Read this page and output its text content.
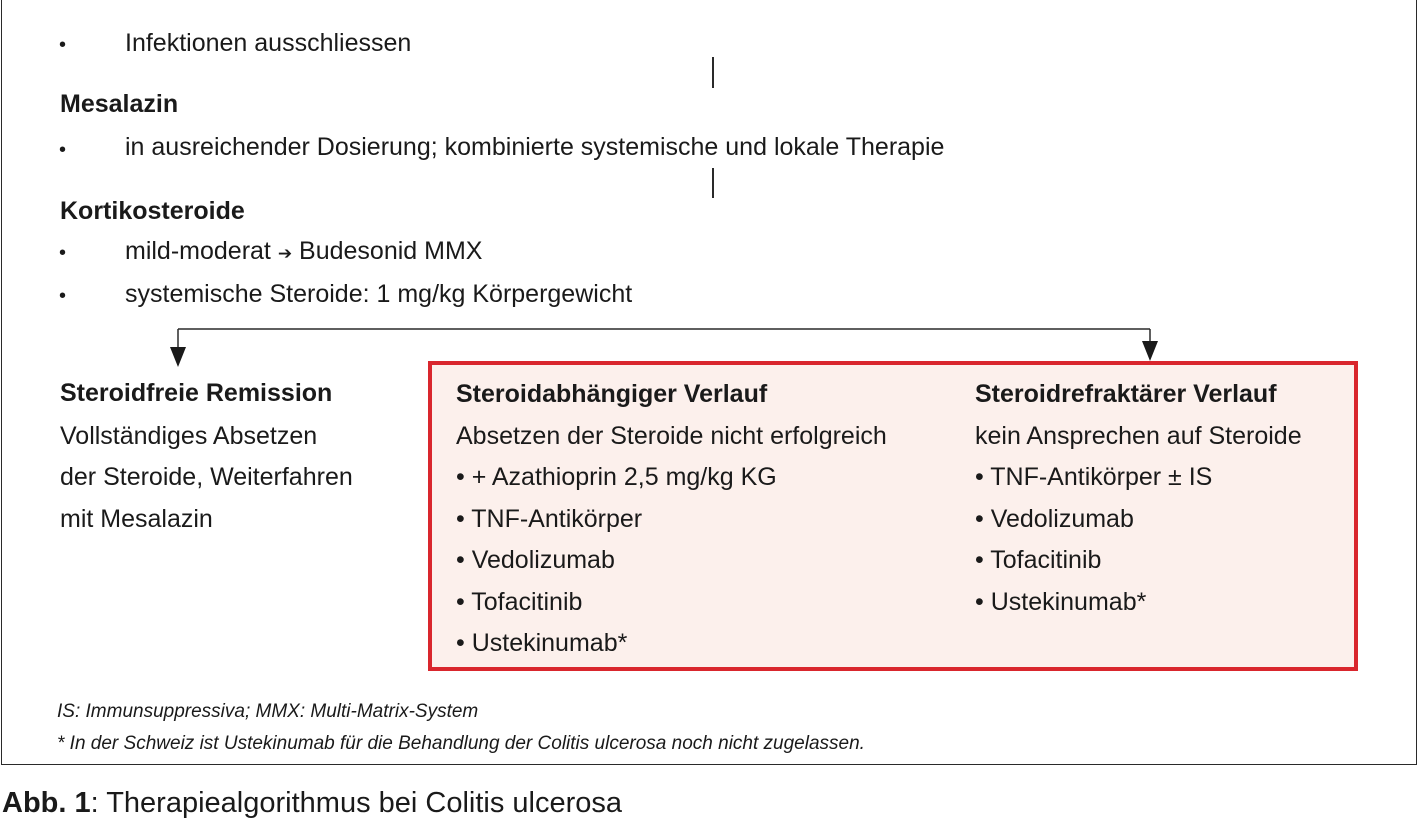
• Infektionen ausschliessen
Mesalazin
• in ausreichender Dosierung; kombinierte systemische und lokale Therapie
Kortikosteroide
• mild-moderat ➔ Budesonid MMX
• systemische Steroide: 1 mg/kg Körpergewicht
Steroidfreie Remission
Vollständiges Absetzen
der Steroide, Weiterfahren
mit Mesalazin
Steroidabhängiger Verlauf
Absetzen der Steroide nicht erfolgreich
• + Azathioprin 2,5 mg/kg KG
• TNF-Antikörper
• Vedolizumab
• Tofacitinib
• Ustekinumab*
Steroidrefraktärer Verlauf
kein Ansprechen auf Steroide
• TNF-Antikörper ± IS
• Vedolizumab
• Tofacitinib
• Ustekinumab*
IS: Immunsuppressiva; MMX: Multi-Matrix-System
* In der Schweiz ist Ustekinumab für die Behandlung der Colitis ulcerosa noch nicht zugelassen.
Abb. 1: Therapiealgorithmus bei Colitis ulcerosa
